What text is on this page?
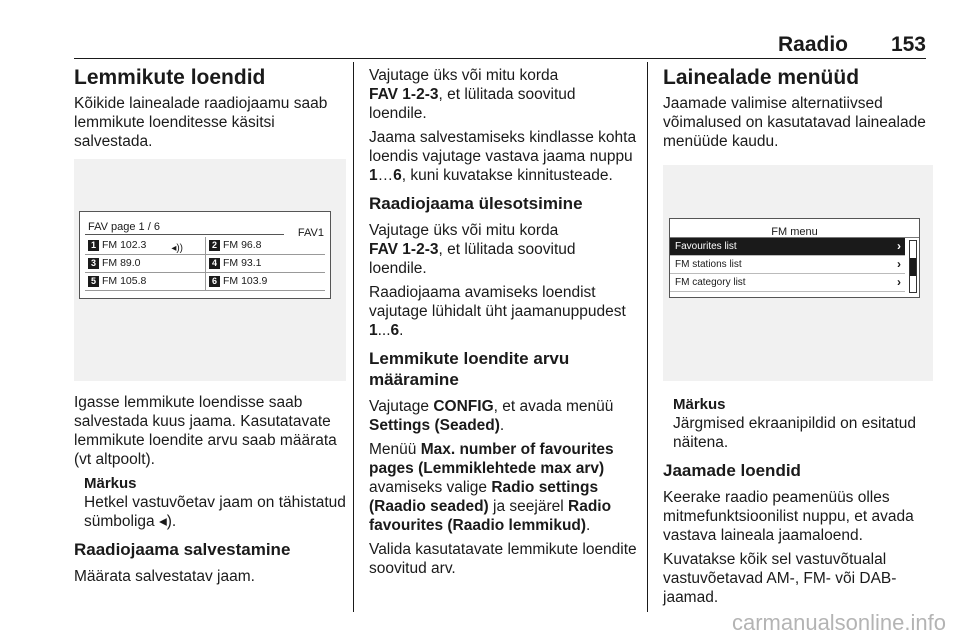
Raadio 153
Lemmikute loendid

Kõikide lainealade raadiojaamu saab lemmikute loenditesse käsitsi salvestada.

FAV page 1 / 6	FAV1
1 FM 102.3 ◂))	2 FM 96.8
3 FM 89.0	4 FM 93.1
5 FM 105.8	6 FM 103.9

Igasse lemmikute loendisse saab salvestada kuus jaama. Kasutatavate lemmikute loendite arvu saab määrata (vt altpoolt).

Märkus

Hetkel vastuvõetav jaam on tähistatud sümboliga ◂).

Raadiojaama salvestamine

Määrata salvestatav jaam.

Vajutage üks või mitu korda
FAV 1-2-3, et lülitada soovitud loendile.

Jaama salvestamiseks kindlasse kohta loendis vajutage vastava jaama nuppu 1…6, kuni kuvatakse kinnitusteade.

Raadiojaama ülesotsimine

Vajutage üks või mitu korda
FAV 1-2-3, et lülitada soovitud loendile.

Raadiojaama avamiseks loendist vajutage lühidalt üht jaamanuppudest 1...6.

Lemmikute loendite arvu määramine

Vajutage CONFIG, et avada menüü Settings (Seaded).

Menüü Max. number of favourites pages (Lemmiklehtede max arv) avamiseks valige Radio settings (Raadio seaded) ja seejärel Radio favourites (Raadio lemmikud).

Valida kasutatavate lemmikute loendite soovitud arv.

Lainealade menüüd

Jaamade valimise alternatiivsed võimalused on kasutatavad lainealade menüüde kaudu.

FM menu
Favourites list	›
FM stations list	›
FM category list	›
Märkus

Järgmised ekraanipildid on esitatud näitena.

Jaamade loendid

Keerake raadio peamenüüs olles mitmefunktsioonilist nuppu, et avada vastava laineala jaamaloend.

Kuvatakse kõik sel vastuvõtualal vastuvõetavad AM-, FM- või DAB-jaamad.

carmanualsonline.info
